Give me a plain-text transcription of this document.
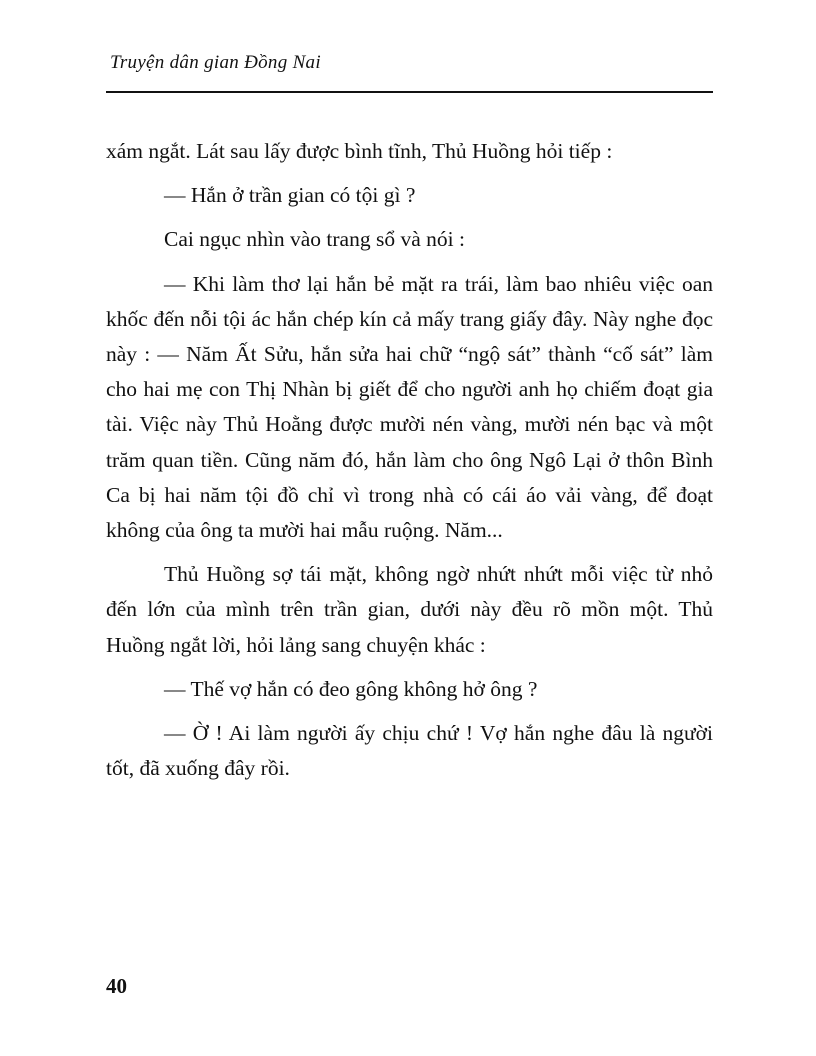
Truyện dân gian Đồng Nai

xám ngắt. Lát sau lấy được bình tĩnh, Thủ Huồng hỏi tiếp :

— Hắn ở trần gian có tội gì ?

Cai ngục nhìn vào trang sổ và nói :

— Khi làm thơ lại hắn bẻ mặt ra trái, làm bao nhiêu việc oan khốc đến nỗi tội ác hắn chép kín cả mấy trang giấy đây. Này nghe đọc này : — Năm Ất Sửu, hắn sửa hai chữ “ngộ sát” thành “cố sát” làm cho hai mẹ con Thị Nhàn bị giết để cho người anh họ chiếm đoạt gia tài. Việc này Thủ Hoằng được mười nén vàng, mười nén bạc và một trăm quan tiền. Cũng năm đó, hắn làm cho ông Ngô Lại ở thôn Bình Ca bị hai năm tội đồ chỉ vì trong nhà có cái áo vải vàng, để đoạt không của ông ta mười hai mẫu ruộng. Năm...

Thủ Huồng sợ tái mặt, không ngờ nhứt nhứt mỗi việc từ nhỏ đến lớn của mình trên trần gian, dưới này đều rõ mồn một. Thủ Huồng ngắt lời, hỏi lảng sang chuyện khác :

— Thế vợ hắn có đeo gông không hở ông ?

— Ờ ! Ai làm người ấy chịu chứ ! Vợ hắn nghe đâu là người tốt, đã xuống đây rồi.

40
